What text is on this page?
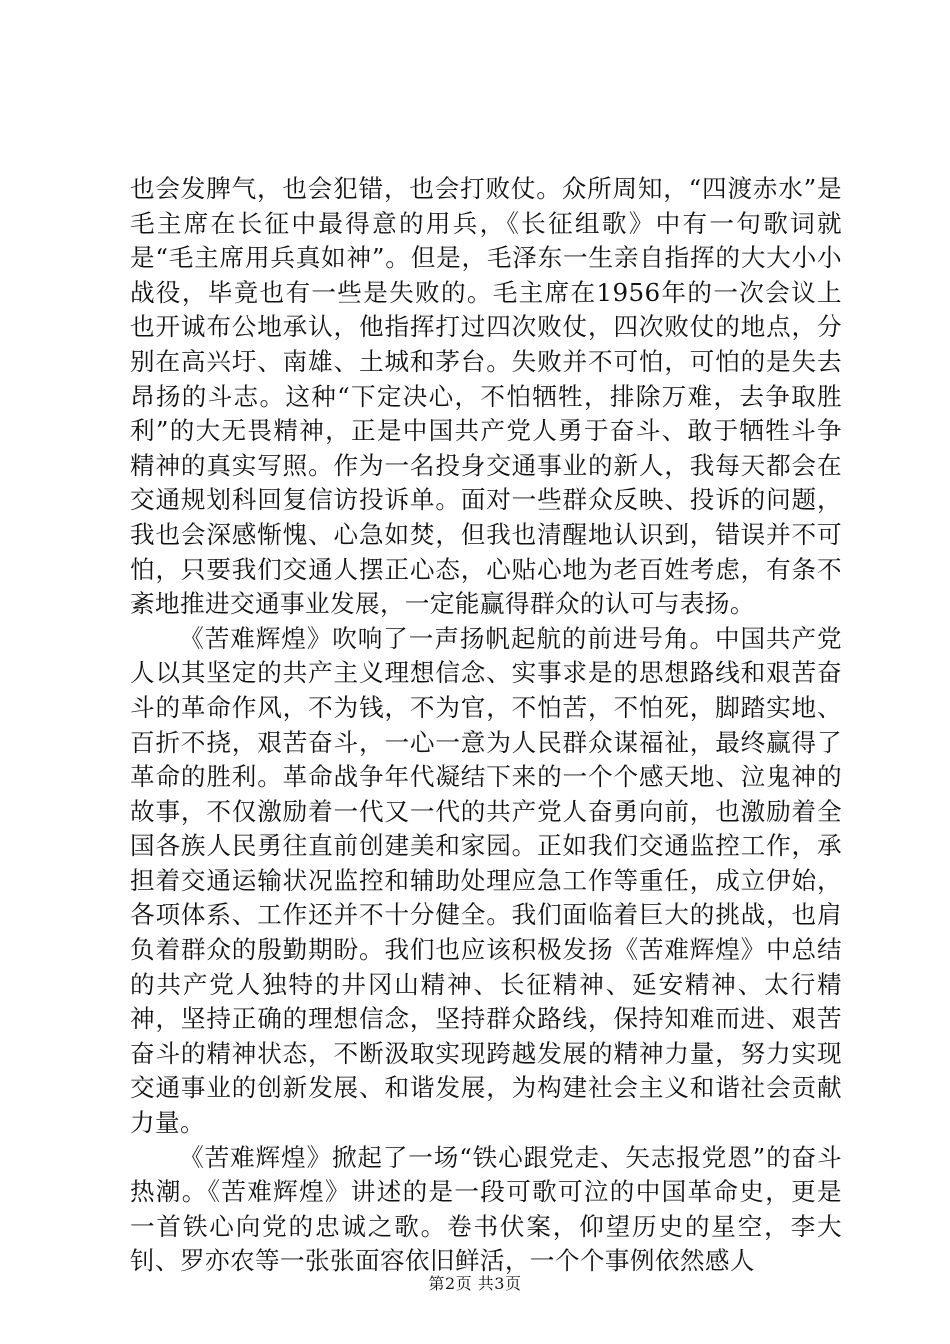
也会发脾气，也会犯错，也会打败仗。众所周知，“四渡赤水”是毛主席在长征中最得意的用兵，《长征组歌》中有一句歌词就是“毛主席用兵真如神”。但是，毛泽东一生亲自指挥的大大小小战役，毕竟也有一些是失败的。毛主席在1956年的一次会议上也开诚布公地承认，他指挥打过四次败仗，四次败仗的地点，分别在高兴圩、南雄、土城和茅台。失败并不可怕，可怕的是失去昂扬的斗志。这种“下定决心，不怕牺牲，排除万难，去争取胜利”的大无畏精神，正是中国共产党人勇于奋斗、敢于牺牲斗争精神的真实写照。作为一名投身交通事业的新人，我每天都会在交通规划科回复信访投诉单。面对一些群众反映、投诉的问题，我也会深感惭愧、心急如焚，但我也清醒地认识到，错误并不可怕，只要我们交通人摆正心态，心贴心地为老百姓考虑，有条不紊地推进交通事业发展，一定能赢得群众的认可与表扬。

《苦难辉煌》吹响了一声扬帆起航的前进号角。中国共产党人以其坚定的共产主义理想信念、实事求是的思想路线和艰苦奋斗的革命作风，不为钱，不为官，不怕苦，不怕死，脚踏实地、百折不挠，艰苦奋斗，一心一意为人民群众谋福祉，最终赢得了革命的胜利。革命战争年代凝结下来的一个个感天地、泣鬼神的故事，不仅激励着一代又一代的共产党人奋勇向前，也激励着全国各族人民勇往直前创建美和家园。正如我们交通监控工作，承担着交通运输状况监控和辅助处理应急工作等重任，成立伊始，各项体系、工作还并不十分健全。我们面临着巨大的挑战，也肩负着群众的殷勤期盼。我们也应该积极发扬《苦难辉煌》中总结的共产党人独特的井冈山精神、长征精神、延安精神、太行精神，坚持正确的理想信念，坚持群众路线，保持知难而进、艰苦奋斗的精神状态，不断汲取实现跨越发展的精神力量，努力实现交通事业的创新发展、和谐发展，为构建社会主义和谐社会贡献力量。

《苦难辉煌》掀起了一场“铁心跟党走、矢志报党恩”的奋斗热潮。《苦难辉煌》讲述的是一段可歌可泣的中国革命史，更是一首铁心向党的忠诚之歌。卷书伏案，仰望历史的星空，李大钊、罗亦农等一张张面容依旧鲜活，一个个事例依然感人

第2页 共3页
